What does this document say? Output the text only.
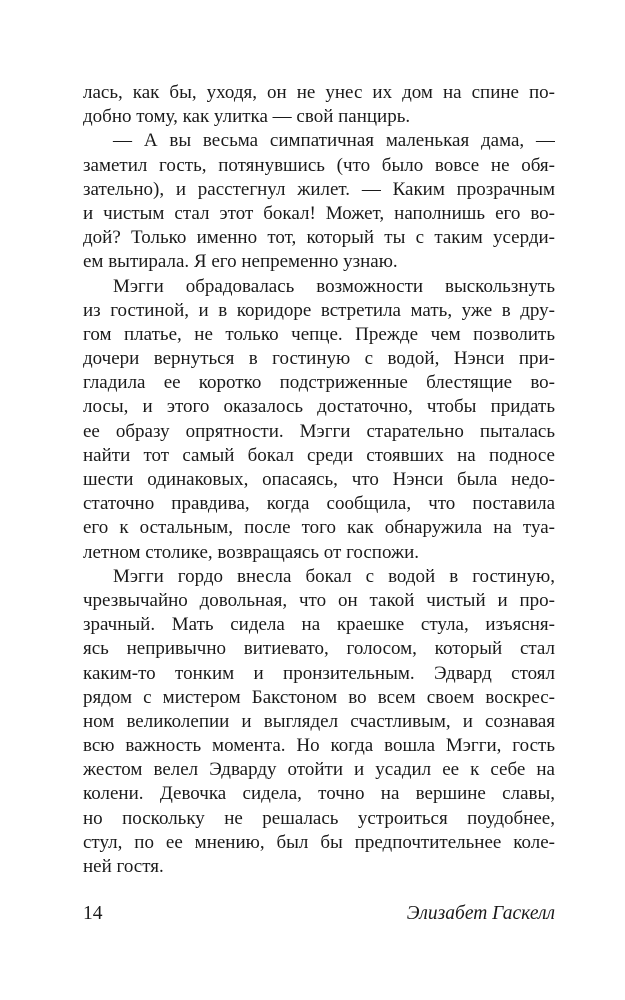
лась, как бы, уходя, он не унес их дом на спине по-
добно тому, как улитка — свой панцирь.
— А вы весьма симпатичная маленькая дама, —
заметил гость, потянувшись (что было вовсе не обя-
зательно), и расстегнул жилет. — Каким прозрачным
и чистым стал этот бокал! Может, наполнишь его во-
дой? Только именно тот, который ты с таким усерди-
ем вытирала. Я его непременно узнаю.
Мэгги обрадовалась возможности выскользнуть
из гостиной, и в коридоре встретила мать, уже в дру-
гом платье, не только чепце. Прежде чем позволить
дочери вернуться в гостиную с водой, Нэнси при-
гладила ее коротко подстриженные блестящие во-
лосы, и этого оказалось достаточно, чтобы придать
ее образу опрятности. Мэгги старательно пыталась
найти тот самый бокал среди стоявших на подносе
шести одинаковых, опасаясь, что Нэнси была недо-
статочно правдива, когда сообщила, что поставила
его к остальным, после того как обнаружила на туа-
летном столике, возвращаясь от госпожи.
Мэгги гордо внесла бокал с водой в гостиную,
чрезвычайно довольная, что он такой чистый и про-
зрачный. Мать сидела на краешке стула, изъясня-
ясь непривычно витиевато, голосом, который стал
каким-то тонким и пронзительным. Эдвард стоял
рядом с мистером Бакстоном во всем своем воскрес-
ном великолепии и выглядел счастливым, и сознавая
всю важность момента. Но когда вошла Мэгги, гость
жестом велел Эдварду отойти и усадил ее к себе на
колени. Девочка сидела, точно на вершине славы,
но поскольку не решалась устроиться поудобнее,
стул, по ее мнению, был бы предпочтительнее коле-
ней гостя.
14	Элизабет Гаскелл
